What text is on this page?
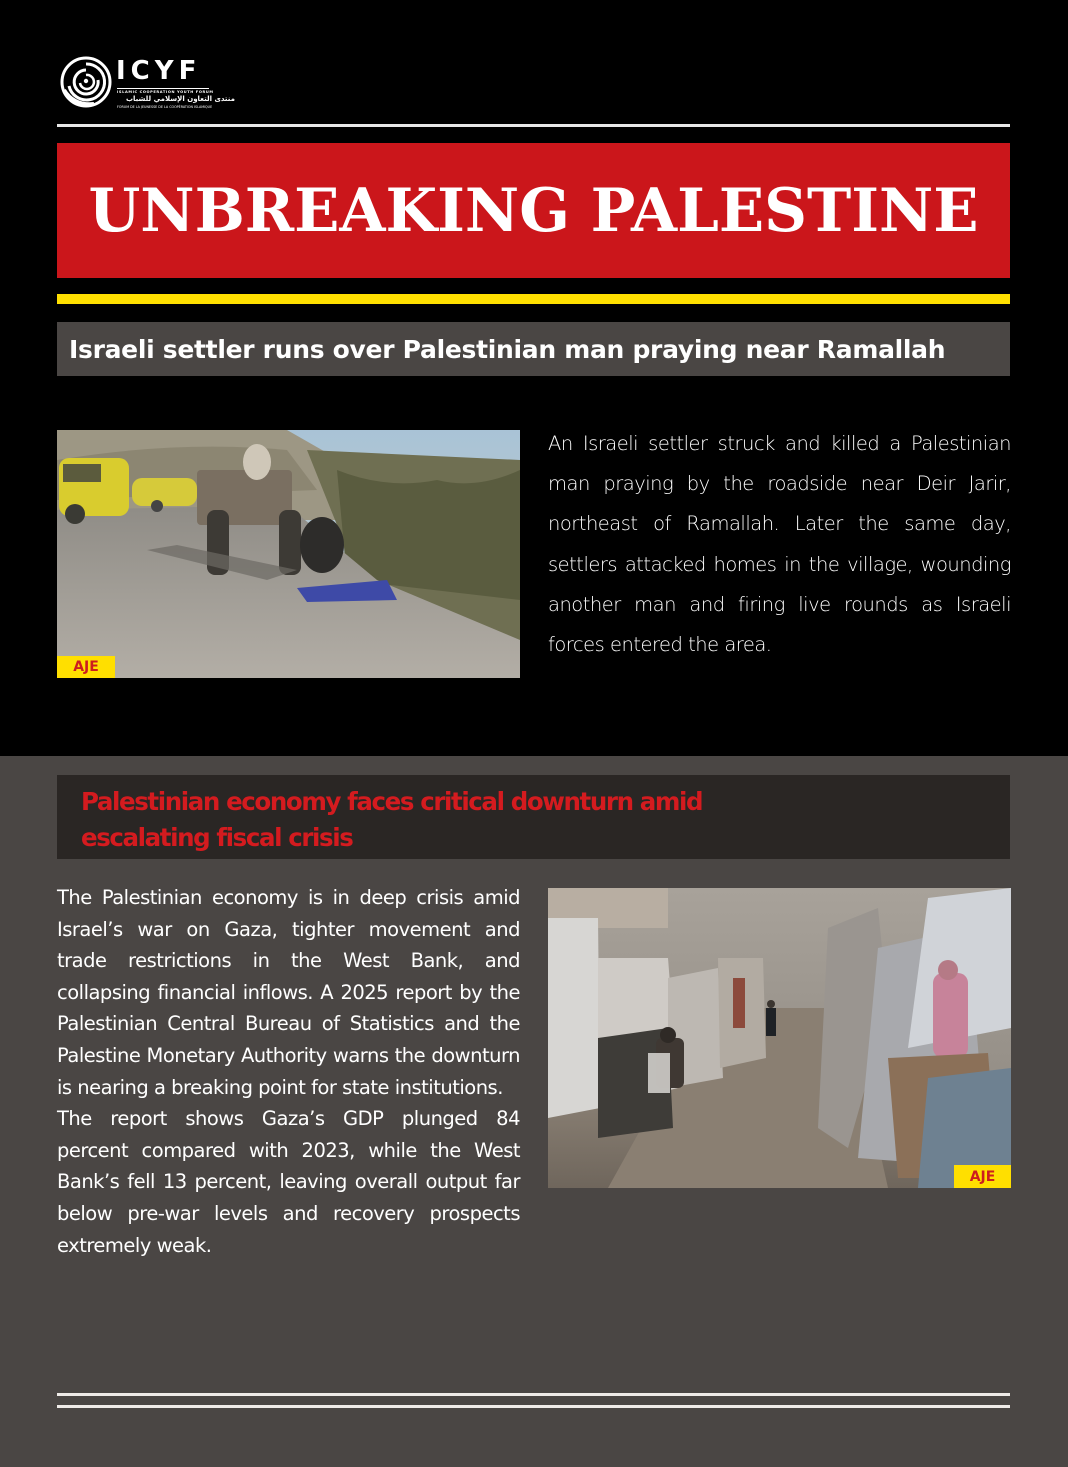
ICYF
ISLAMIC COOPERATION YOUTH FORUM
منتدى التعاون الإسلامي للشباب
FORUM DE LA JEUNESSE DE LA COOPÉRATION ISLAMIQUE
UNBREAKING PALESTINE
Israeli settler runs over Palestinian man praying near Ramallah
AJE
An Israeli settler struck and killed a Palestinian man praying by the roadside near Deir Jarir, northeast of Ramallah. Later the same day, settlers attacked homes in the village, wounding another man and firing live rounds as Israeli forces entered the area.
Palestinian economy faces critical downturn amid escalating fiscal crisis

The Palestinian economy is in deep crisis amid Israel’s war on Gaza, tighter movement and trade restrictions in the West Bank, and collapsing financial inflows. A 2025 report by the Palestinian Central Bureau of Statistics and the Palestine Monetary Authority warns the downturn is nearing a breaking point for state institutions.

The report shows Gaza’s GDP plunged 84 percent compared with 2023, while the West Bank’s fell 13 percent, leaving overall output far below pre-war levels and recovery prospects extremely weak.

AJE
